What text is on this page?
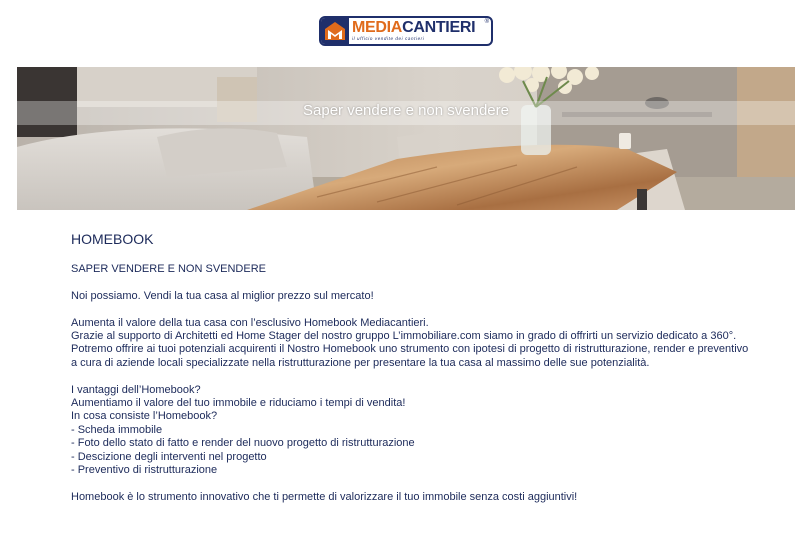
MEDIACANTIERI
il ufficio vendite dei cantieri
®
Saper vendere e non svendere
HOMEBOOK

SAPER VENDERE E NON SVENDERE

Noi possiamo. Vendi la tua casa al miglior prezzo sul mercato!

Aumenta il valore della tua casa con l’esclusivo Homebook Mediacantieri.

Grazie al supporto di Architetti ed Home Stager del nostro gruppo L’immobiliare.com siamo in grado di offrirti un servizio dedicato a 360°.

Potremo offrire ai tuoi potenziali acquirenti il Nostro Homebook uno strumento con ipotesi di progetto di ristrutturazione, render e preventivo

a cura di aziende locali specializzate nella ristrutturazione per presentare la tua casa al massimo delle sue potenzialità.

I vantaggi dell’Homebook?

Aumentiamo il valore del tuo immobile e riduciamo i tempi di vendita!

In cosa consiste l’Homebook?

- Scheda immobile

- Foto dello stato di fatto e render del nuovo progetto di ristrutturazione

- Descizione degli interventi nel progetto

- Preventivo di ristrutturazione

Homebook è lo strumento innovativo che ti permette di valorizzare il tuo immobile senza costi aggiuntivi!
